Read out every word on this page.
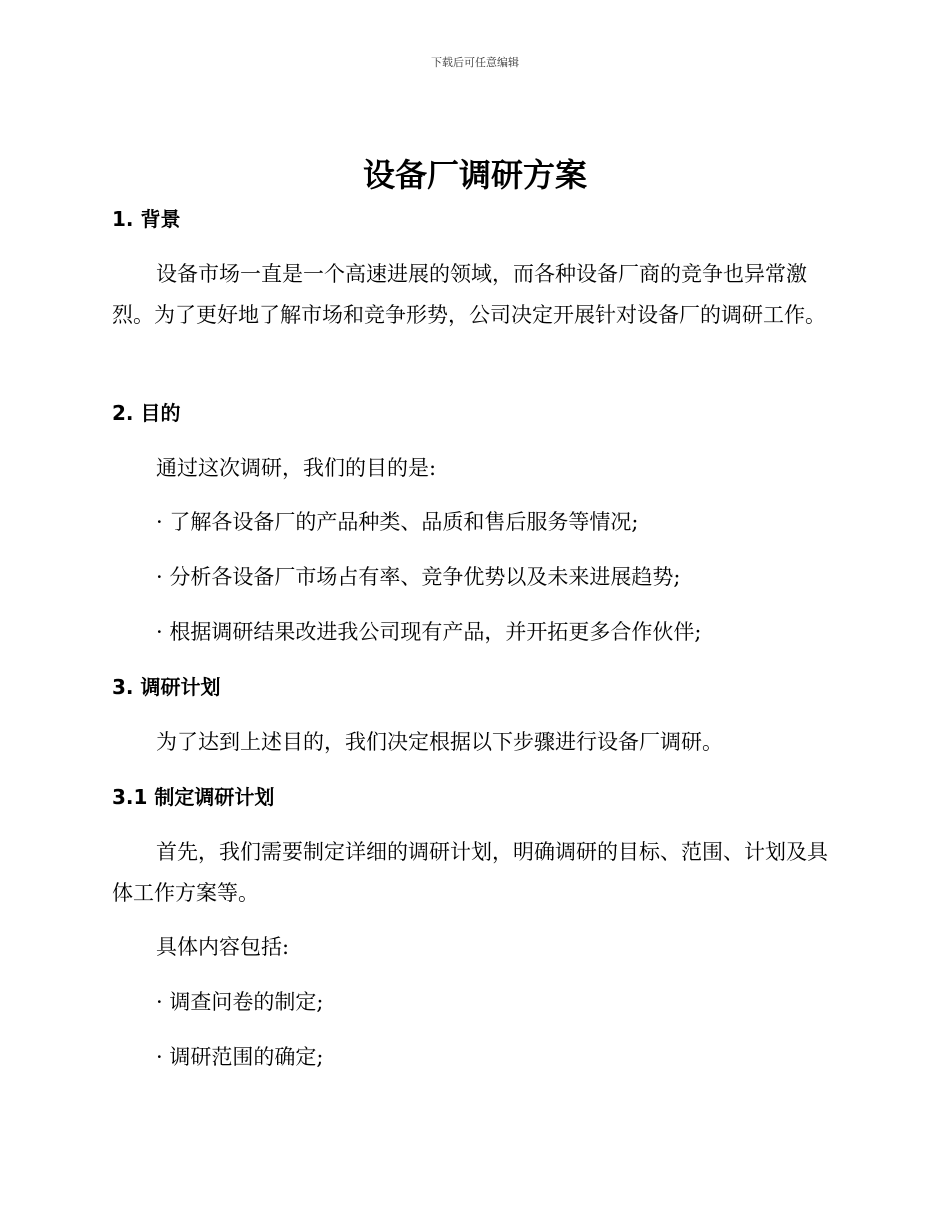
下载后可任意编辑
设备厂调研方案
1. 背景
设备市场一直是一个高速进展的领域，而各种设备厂商的竞争也异常激烈。为了更好地了解市场和竞争形势，公司决定开展针对设备厂的调研工作。
2. 目的
通过这次调研，我们的目的是:
· 了解各设备厂的产品种类、品质和售后服务等情况;
· 分析各设备厂市场占有率、竞争优势以及未来进展趋势;
· 根据调研结果改进我公司现有产品，并开拓更多合作伙伴;
3. 调研计划
为了达到上述目的，我们决定根据以下步骤进行设备厂调研。
3.1 制定调研计划
首先，我们需要制定详细的调研计划，明确调研的目标、范围、计划及具体工作方案等。
具体内容包括:
· 调查问卷的制定;
· 调研范围的确定;
